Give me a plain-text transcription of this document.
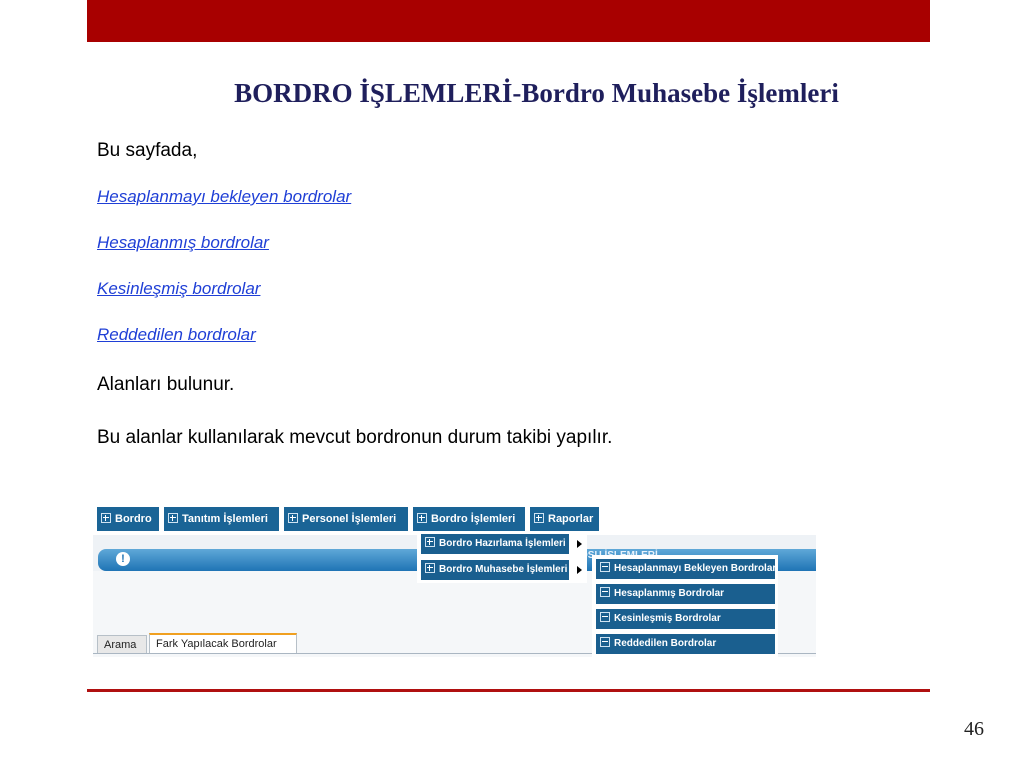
BORDRO İŞLEMLERİ-Bordro Muhasebe İşlemleri

Bu sayfada,

Hesaplanmayı bekleyen bordrolar
Hesaplanmış bordrolar
Kesinleşmiş bordrolar
Reddedilen bordrolar

Alanları bulunur.

Bu alanlar kullanılarak mevcut bordronun durum takibi yapılır.

Bordro	Tanıtım İşlemleri	Personel İşlemleri	Bordro İşlemleri	Raporlar
!	OSU
Arama	Fark Yapılacak Bordrolar
Bordro Hazırlama İşlemleri
Bordro Muhasebe İşlemleri	Hesaplanmayı Bekleyen Bordrolar
Hesaplanmış Bordrolar
Kesinleşmiş Bordrolar
Reddedilen Bordrolar
46
